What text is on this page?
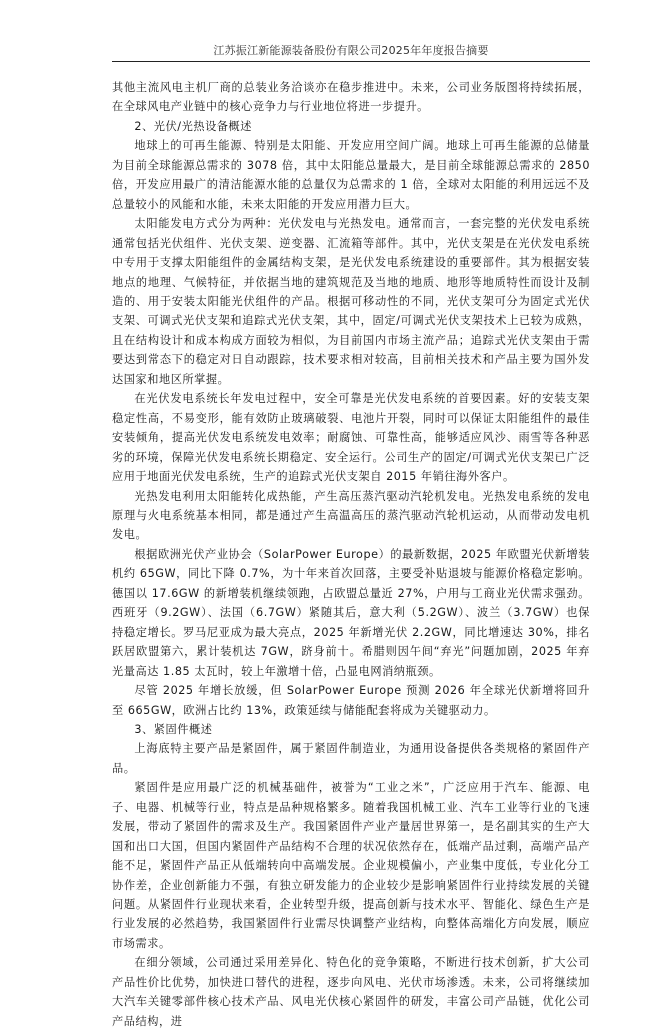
江苏振江新能源装备股份有限公司2025年年度报告摘要

其他主流风电主机厂商的总装业务洽谈亦在稳步推进中。未来，公司业务版图将持续拓展，在全球风电产业链中的核心竞争力与行业地位将进一步提升。

2、光伏/光热设备概述

地球上的可再生能源、特别是太阳能、开发应用空间广阔。地球上可再生能源的总储量为目前全球能源总需求的 3078 倍，其中太阳能总量最大，是目前全球能源总需求的 2850 倍，开发应用最广的清洁能源水能的总量仅为总需求的 1 倍，全球对太阳能的利用远远不及总量较小的风能和水能，未来太阳能的开发应用潜力巨大。

太阳能发电方式分为两种：光伏发电与光热发电。通常而言，一套完整的光伏发电系统通常包括光伏组件、光伏支架、逆变器、汇流箱等部件。其中，光伏支架是在光伏发电系统中专用于支撑太阳能组件的金属结构支架，是光伏发电系统建设的重要部件。其为根据安装地点的地理、气候特征，并依据当地的建筑规范及当地的地质、地形等地质特性而设计及制造的、用于安装太阳能光伏组件的产品。根据可移动性的不同，光伏支架可分为固定式光伏支架、可调式光伏支架和追踪式光伏支架，其中，固定/可调式光伏支架技术上已较为成熟，且在结构设计和成本构成方面较为相似，为目前国内市场主流产品；追踪式光伏支架由于需要达到常态下的稳定对日自动跟踪，技术要求相对较高，目前相关技术和产品主要为国外发达国家和地区所掌握。

在光伏发电系统长年发电过程中，安全可靠是光伏发电系统的首要因素。好的安装支架稳定性高，不易变形，能有效防止玻璃破裂、电池片开裂，同时可以保证太阳能组件的最佳安装倾角，提高光伏发电系统发电效率；耐腐蚀、可靠性高，能够适应风沙、雨雪等各种恶劣的环境，保障光伏发电系统长期稳定、安全运行。公司生产的固定/可调式光伏支架已广泛应用于地面光伏发电系统，生产的追踪式光伏支架自 2015 年销往海外客户。

光热发电利用太阳能转化成热能，产生高压蒸汽驱动汽轮机发电。光热发电系统的发电原理与火电系统基本相同，都是通过产生高温高压的蒸汽驱动汽轮机运动，从而带动发电机发电。

根据欧洲光伏产业协会（SolarPower Europe）的最新数据，2025 年欧盟光伏新增装机约 65GW，同比下降 0.7%，为十年来首次回落，主要受补贴退坡与能源价格稳定影响。德国以 17.6GW 的新增装机继续领跑，占欧盟总量近 27%，户用与工商业光伏需求强劲。西班牙（9.2GW）、法国（6.7GW）紧随其后，意大利（5.2GW）、波兰（3.7GW）也保持稳定增长。罗马尼亚成为最大亮点，2025 年新增光伏 2.2GW，同比增速达 30%，排名跃居欧盟第六，累计装机达 7GW，跻身前十。希腊则因午间“弃光”问题加剧，2025 年弃光量高达 1.85 太瓦时，较上年激增十倍，凸显电网消纳瓶颈。

尽管 2025 年增长放缓，但 SolarPower Europe 预测 2026 年全球光伏新增将回升至 665GW，欧洲占比约 13%，政策延续与储能配套将成为关键驱动力。

3、紧固件概述

上海底特主要产品是紧固件，属于紧固件制造业，为通用设备提供各类规格的紧固件产品。

紧固件是应用最广泛的机械基础件，被誉为“工业之米”，广泛应用于汽车、能源、电子、电器、机械等行业，特点是品种规格繁多。随着我国机械工业、汽车工业等行业的飞速发展，带动了紧固件的需求及生产。我国紧固件产业产量居世界第一，是名副其实的生产大国和出口大国，但国内紧固件产品结构不合理的状况依然存在，低端产品过剩，高端产品产能不足，紧固件产品正从低端转向中高端发展。企业规模偏小，产业集中度低，专业化分工协作差，企业创新能力不强，有独立研发能力的企业较少是影响紧固件行业持续发展的关键问题。从紧固件行业现状来看，企业转型升级，提高创新与技术水平、智能化、绿色生产是行业发展的必然趋势，我国紧固件行业需尽快调整产业结构，向整体高端化方向发展，顺应市场需求。

在细分领域，公司通过采用差异化、特色化的竞争策略，不断进行技术创新，扩大公司产品性价比优势，加快进口替代的进程，逐步向风电、光伏市场渗透。未来，公司将继续加大汽车关键零部件核心技术产品、风电光伏核心紧固件的研发，丰富公司产品链，优化公司产品结构，进
